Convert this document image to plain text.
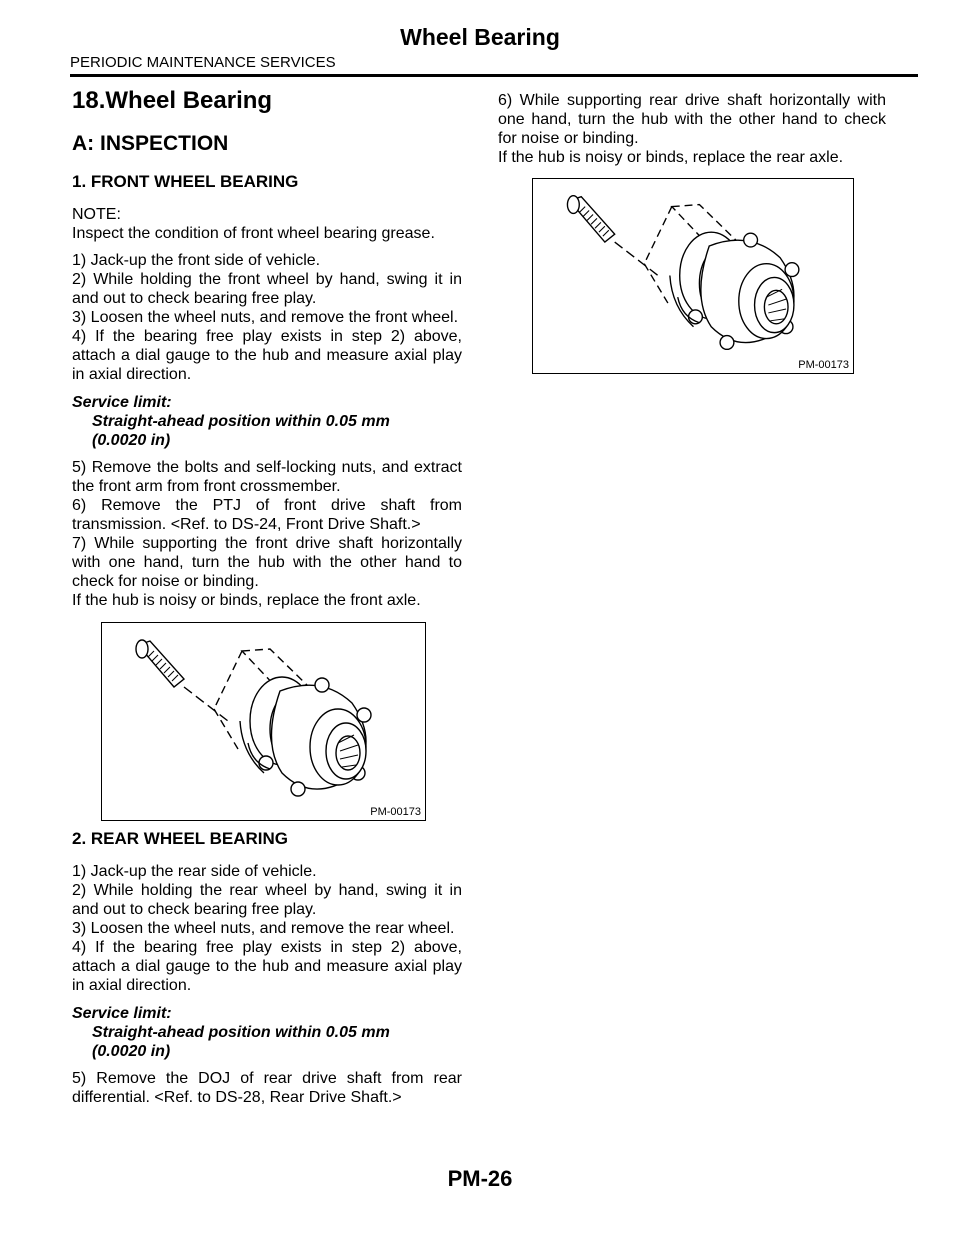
Wheel Bearing
PERIODIC MAINTENANCE SERVICES
18.Wheel Bearing
A: INSPECTION
1. FRONT WHEEL BEARING

NOTE:

Inspect the condition of front wheel bearing grease.

1) Jack-up the front side of vehicle.

2) While holding the front wheel by hand, swing it in and out to check bearing free play.

3) Loosen the wheel nuts, and remove the front wheel.

4) If the bearing free play exists in step 2) above, attach a dial gauge to the hub and measure axial play in axial direction.

Service limit:
Straight-ahead position within 0.05 mm
(0.0020 in)

5) Remove the bolts and self-locking nuts, and extract the front arm from front crossmember.

6) Remove the PTJ of front drive shaft from transmission. <Ref. to DS-24, Front Drive Shaft.>

7) While supporting the front drive shaft horizontally with one hand, turn the hub with the other hand to check for noise or binding.

If the hub is noisy or binds, replace the front axle.

PM-00173
2. REAR WHEEL BEARING

1) Jack-up the rear side of vehicle.

2) While holding the rear wheel by hand, swing it in and out to check bearing free play.

3) Loosen the wheel nuts, and remove the rear wheel.

4) If the bearing free play exists in step 2) above, attach a dial gauge to the hub and measure axial play in axial direction.

Service limit:
Straight-ahead position within 0.05 mm
(0.0020 in)

5) Remove the DOJ of rear drive shaft from rear differential. <Ref. to DS-28, Rear Drive Shaft.>

6) While supporting rear drive shaft horizontally with one hand, turn the hub with the other hand to check for noise or binding.

If the hub is noisy or binds, replace the rear axle.

PM-00173
PM-26
